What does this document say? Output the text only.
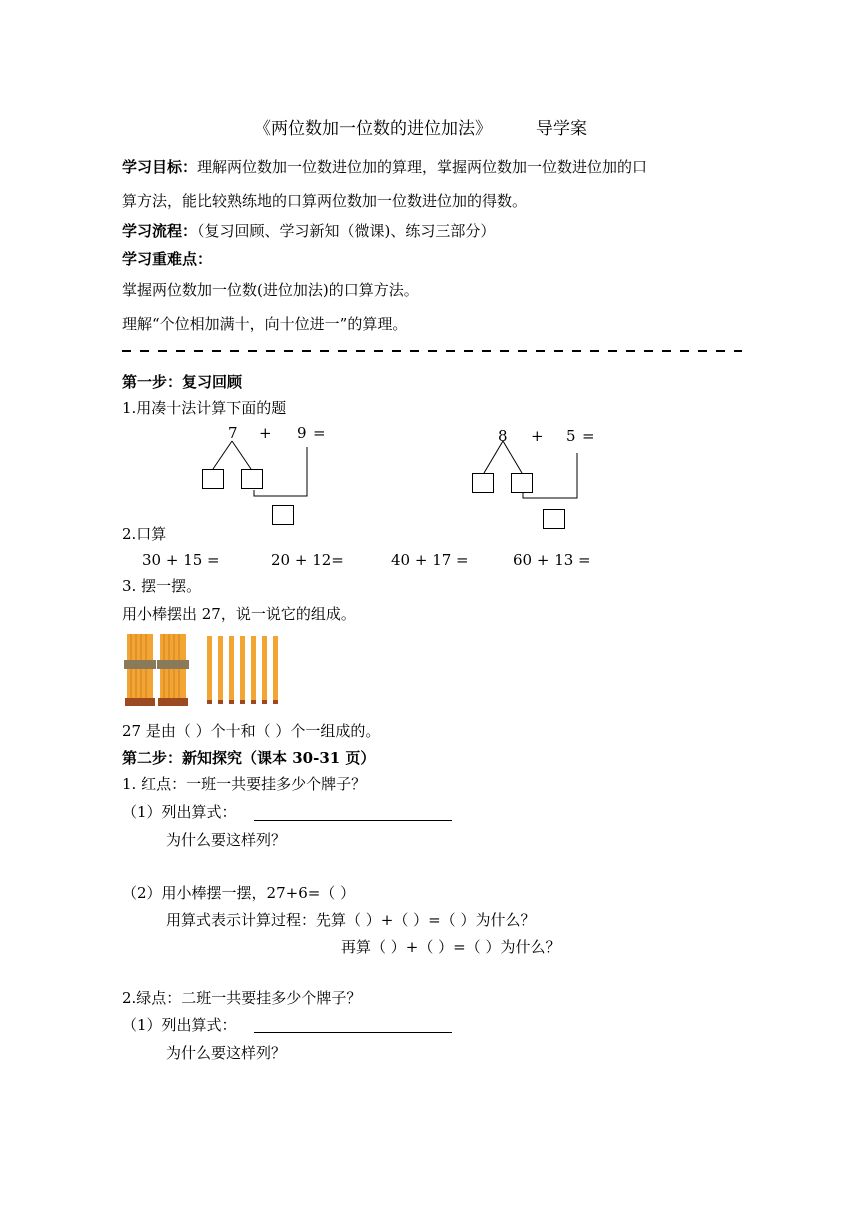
《两位数加一位数的进位加法》	导学案
学习目标：理解两位数加一位数进位加的算理，掌握两位数加一位数进位加的口
算方法，能比较熟练地的口算两位数加一位数进位加的得数。
学习流程：（复习回顾、学习新知（微课)、练习三部分）
学习重难点：
掌握两位数加一位数(进位加法)的口算方法。
理解“个位相加满十，向十位进一”的算理。
第一步：复习回顾
1.用凑十法计算下面的题
7 + 9 =	8 + 5 =
2.口算
30 + 15 =	20 + 12=	40 + 17 =	60 + 13 =
3. 摆一摆。
用小棒摆出 27，说一说它的组成。
27 是由（ ）个十和（ ）个一组成的。
第二步：新知探究（课本 30-31 页）
1. 红点：一班一共要挂多少个牌子？
（1）列出算式：
为什么要这样列？
（2）用小棒摆一摆，27+6=（ ）
用算式表示计算过程：先算（ ）+（ ）=（ ）为什么？
再算（ ）+（ ）=（ ）为什么？
2.绿点：二班一共要挂多少个牌子？
（1）列出算式：
为什么要这样列？
